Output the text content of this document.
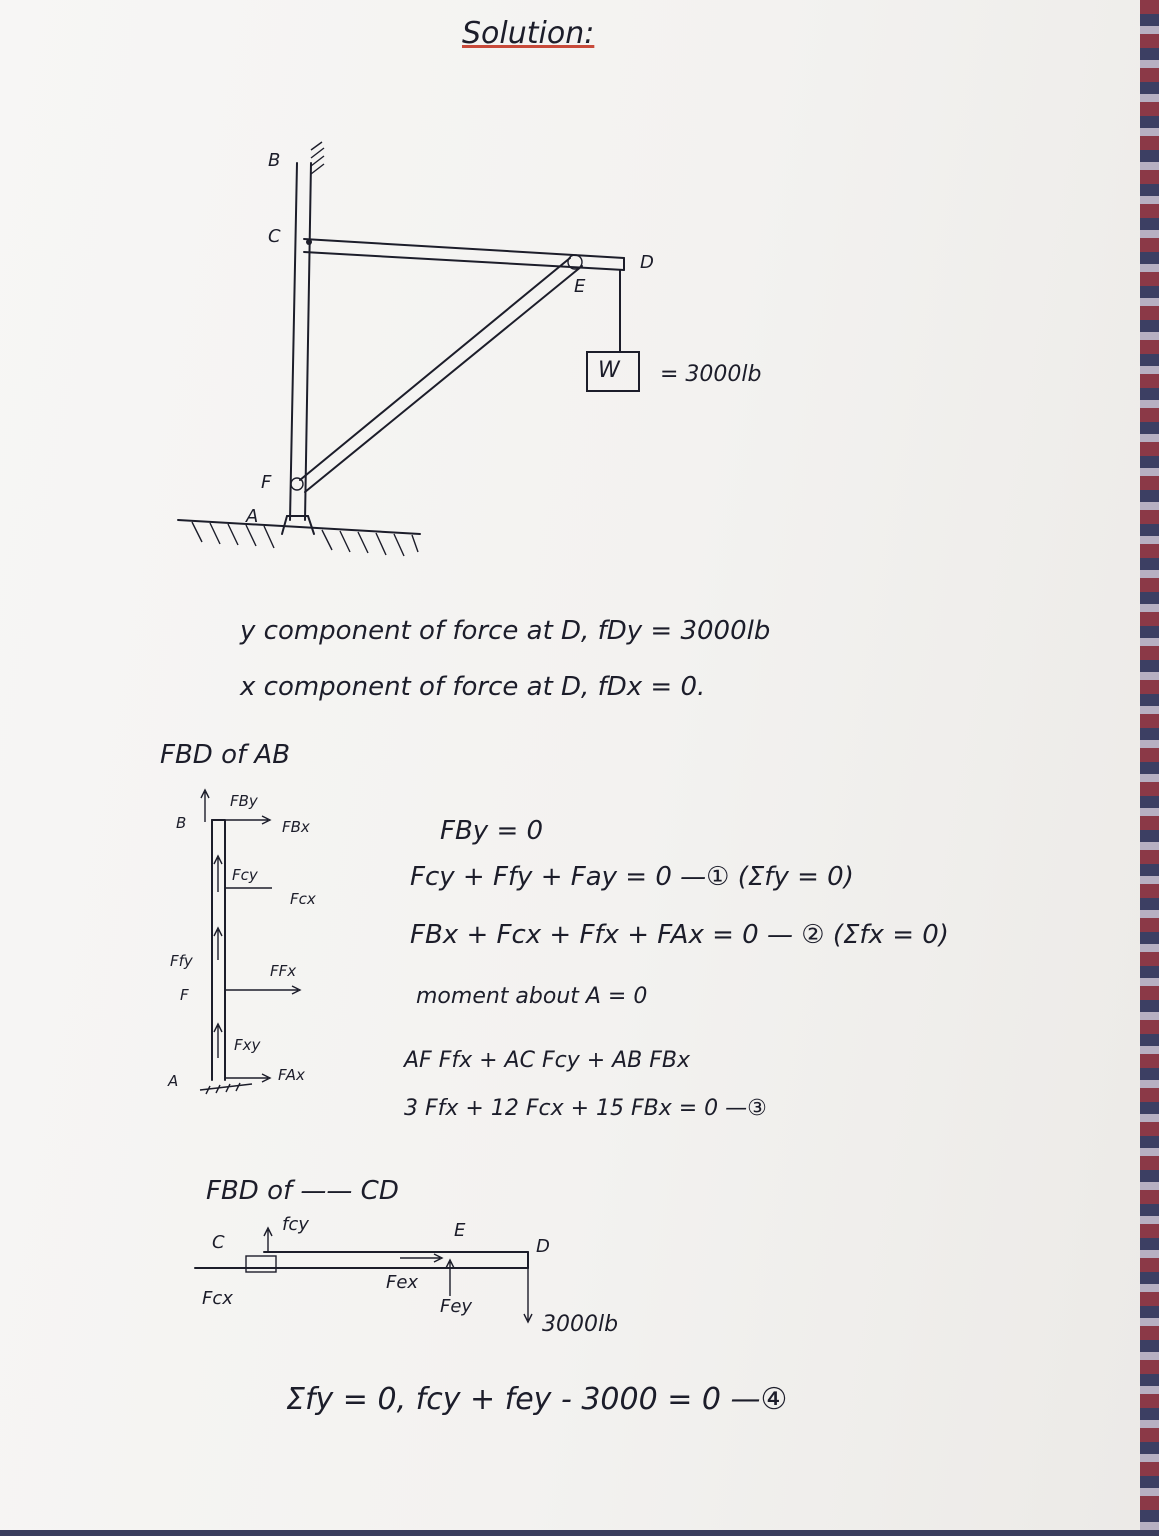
Solution:
B
C
D
E
F
A
W = 3000lb
y component of force at D, fDy = 3000lb
x component of force at D, fDx = 0.
FBD of AB
B
FBy
FBx
Fcy
Fcx
Ffy
F
FFx
Fxy
A	FAx
FBy = 0
Fcy + Ffy + Fay = 0 —① (Σfy = 0)
FBx + Fcx + Ffx + FAx = 0 — ② (Σfx = 0)
moment about A = 0
AF Ffx + AC Fcy + AB FBx
3 Ffx + 12 Fcx + 15 FBx = 0 —③
FBD of —— CD
C
fcy	E
D
Fcx
Fex
Fey
3000lb
Σfy = 0, fcy + fey - 3000 = 0 —④
